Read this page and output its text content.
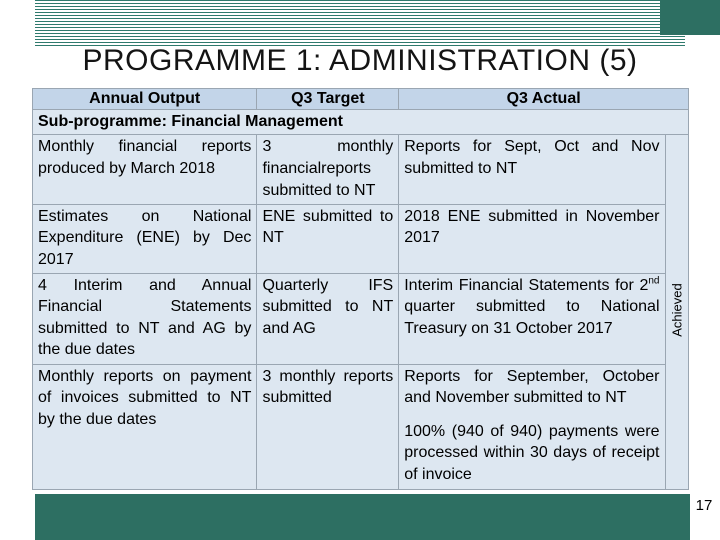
PROGRAMME 1: ADMINISTRATION (5)
Annual Output	Q3 Target	Q3 Actual	
Sub-programme: Financial Management			
Monthly financial reports produced by March 2018	3 monthly financialreports submitted to NT	Reports for Sept, Oct and Nov submitted to NT	
Estimates on National Expenditure (ENE) by Dec 2017	ENE submitted to NT	2018 ENE submitted in November 2017	
4 Interim and Annual Financial Statements submitted to NT and AG by the due dates	Quarterly IFS submitted to NT and AG	Interim Financial Statements for 2nd quarter submitted to National Treasury on 31 October 2017	
Monthly reports on payment of invoices submitted to NT by the due dates	3 monthly reports submitted	Reports for September, October and November submitted to NT
100% (940 of 940) payments were processed within 30 days of receipt of invoice	
Achieved
17
